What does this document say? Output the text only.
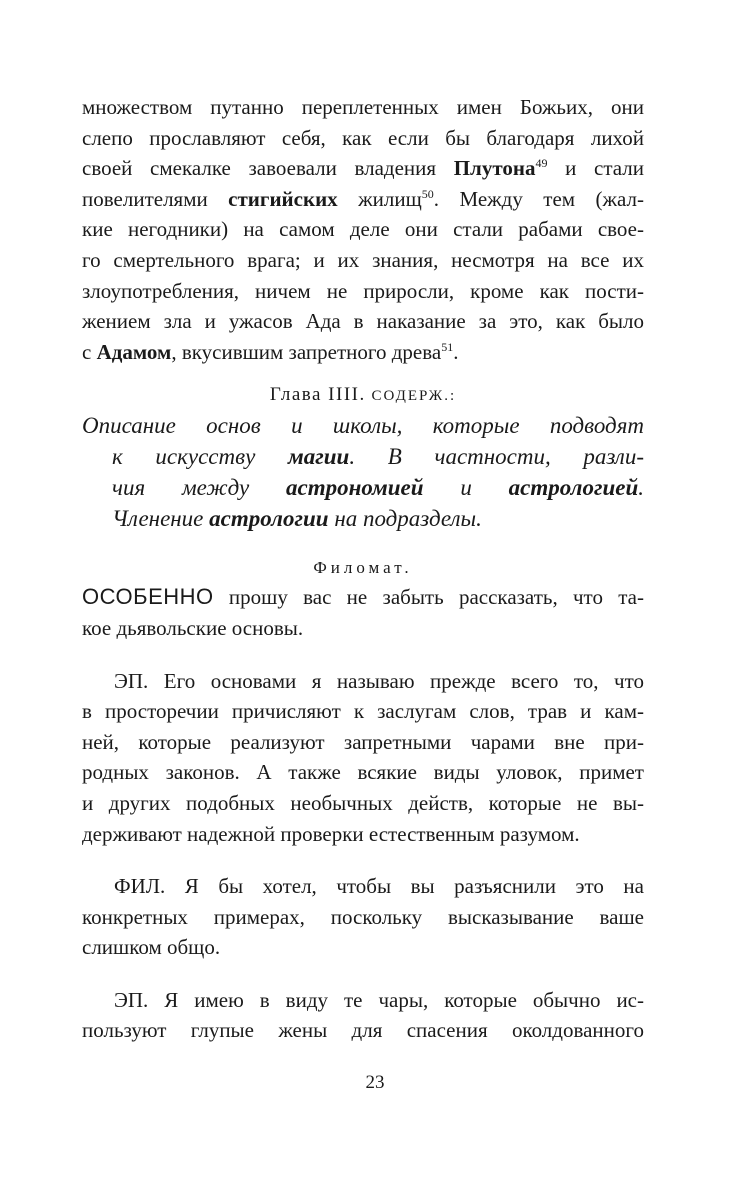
множеством путанно переплетенных имен Божьих, они
слепо прославляют себя, как если бы благодаря лихой
своей смекалке завоевали владения Плутона$^{49}$ и стали
повелителями стигийских жилищ$^{50}$. Между тем (жал-
кие негодники) на самом деле они стали рабами свое-
го смертельного врага; и их знания, несмотря на все их
злоупотребления, ничем не приросли, кроме как пости-
жением зла и ужасов Ада в наказание за это, как было
с Адамом, вкусившим запретного древа$^{51}$.
Глава IIII. СОДЕРЖ.:
Описание основ и школы, которые подводят
к искусству магии. В частности, разли-
чия между астрономией и астрологией.
Членение астрологии на подразделы.
Филомат.
ОСОБЕННО прошу вас не забыть рассказать, что та-
кое дьявольские основы.
ЭП. Его основами я называю прежде всего то, что
в просторечии причисляют к заслугам слов, трав и кам-
ней, которые реализуют запретными чарами вне при-
родных законов. А также всякие виды уловок, примет
и других подобных необычных действ, которые не вы-
держивают надежной проверки естественным разумом.
ФИЛ. Я бы хотел, чтобы вы разъяснили это на
конкретных примерах, поскольку высказывание ваше
слишком общо.
ЭП. Я имею в виду те чары, которые обычно ис-
пользуют глупые жены для спасения околдованного
23
